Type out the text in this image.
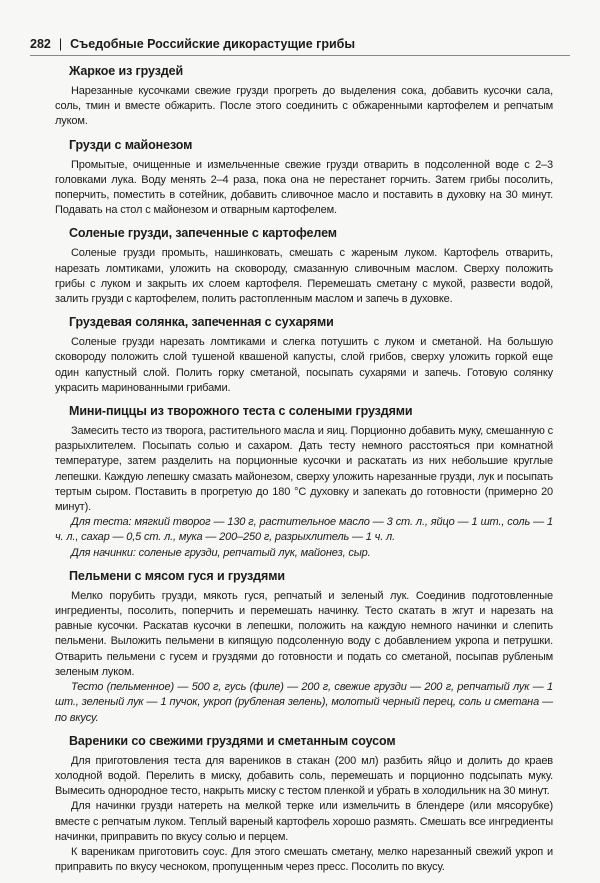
282 | Съедобные Российские дикорастущие грибы
Жаркое из груздей

Нарезанные кусочками свежие грузди прогреть до выделения сока, добавить кусочки сала, соль, тмин и вместе обжарить. После этого соединить с обжаренными картофелем и репчатым луком.

Грузди с майонезом

Промытые, очищенные и измельченные свежие грузди отварить в подсоленной воде с 2–3 головками лука. Воду менять 2–4 раза, пока она не перестанет горчить. Затем грибы посолить, поперчить, поместить в сотейник, добавить сливочное масло и поставить в духовку на 30 минут. Подавать на стол с майонезом и отварным картофелем.

Соленые грузди, запеченные с картофелем

Соленые грузди промыть, нашинковать, смешать с жареным луком. Картофель отварить, нарезать ломтиками, уложить на сковороду, смазанную сливочным маслом. Сверху положить грибы с луком и закрыть их слоем картофеля. Перемешать сметану с мукой, развести водой, залить грузди с картофелем, полить растопленным маслом и запечь в духовке.

Груздевая солянка, запеченная с сухарями

Соленые грузди нарезать ломтиками и слегка потушить с луком и сметаной. На большую сковороду положить слой тушеной квашеной капусты, слой грибов, сверху уложить горкой еще один капустный слой. Полить горку сметаной, посыпать сухарями и запечь. Готовую солянку украсить маринованными грибами.

Мини-пиццы из творожного теста с солеными груздями

Замесить тесто из творога, растительного масла и яиц. Порционно добавить муку, смешанную с разрыхлителем. Посыпать солью и сахаром. Дать тесту немного расстояться при комнатной температуре, затем разделить на порционные кусочки и раскатать из них небольшие круглые лепешки. Каждую лепешку смазать майонезом, сверху уложить нарезанные грузди, лук и посыпать тертым сыром. Поставить в прогретую до 180 °С духовку и запекать до готовности (примерно 20 минут).

Для теста: мягкий творог — 130 г, растительное масло — 3 ст. л., яйцо — 1 шт., соль — 1 ч. л., сахар — 0,5 ст. л., мука — 200–250 г, разрыхлитель — 1 ч. л.

Для начинки: соленые грузди, репчатый лук, майонез, сыр.

Пельмени с мясом гуся и груздями

Мелко порубить грузди, мякоть гуся, репчатый и зеленый лук. Соединив подготовленные ингредиенты, посолить, поперчить и перемешать начинку. Тесто скатать в жгут и нарезать на равные кусочки. Раскатав кусочки в лепешки, положить на каждую немного начинки и слепить пельмени. Выложить пельмени в кипящую подсоленную воду с добавлением укропа и петрушки. Отварить пельмени с гусем и груздями до готовности и подать со сметаной, посыпав рубленым зеленым луком.

Тесто (пельменное) — 500 г, гусь (филе) — 200 г, свежие грузди — 200 г, репчатый лук — 1 шт., зеленый лук — 1 пучок, укроп (рубленая зелень), молотый черный перец, соль и сметана — по вкусу.

Вареники со свежими груздями и сметанным соусом

Для приготовления теста для вареников в стакан (200 мл) разбить яйцо и долить до краев холодной водой. Перелить в миску, добавить соль, перемешать и порционно подсыпать муку. Вымесить однородное тесто, накрыть миску с тестом пленкой и убрать в холодильник на 30 минут.

Для начинки грузди натереть на мелкой терке или измельчить в блендере (или мясорубке) вместе с репчатым луком. Теплый вареный картофель хорошо размять. Смешать все ингредиенты начинки, приправить по вкусу солью и перцем.

К вареникам приготовить соус. Для этого смешать сметану, мелко нарезанный свежий укроп и приправить по вкусу чесноком, пропущенным через пресс. Посолить по вкусу.
